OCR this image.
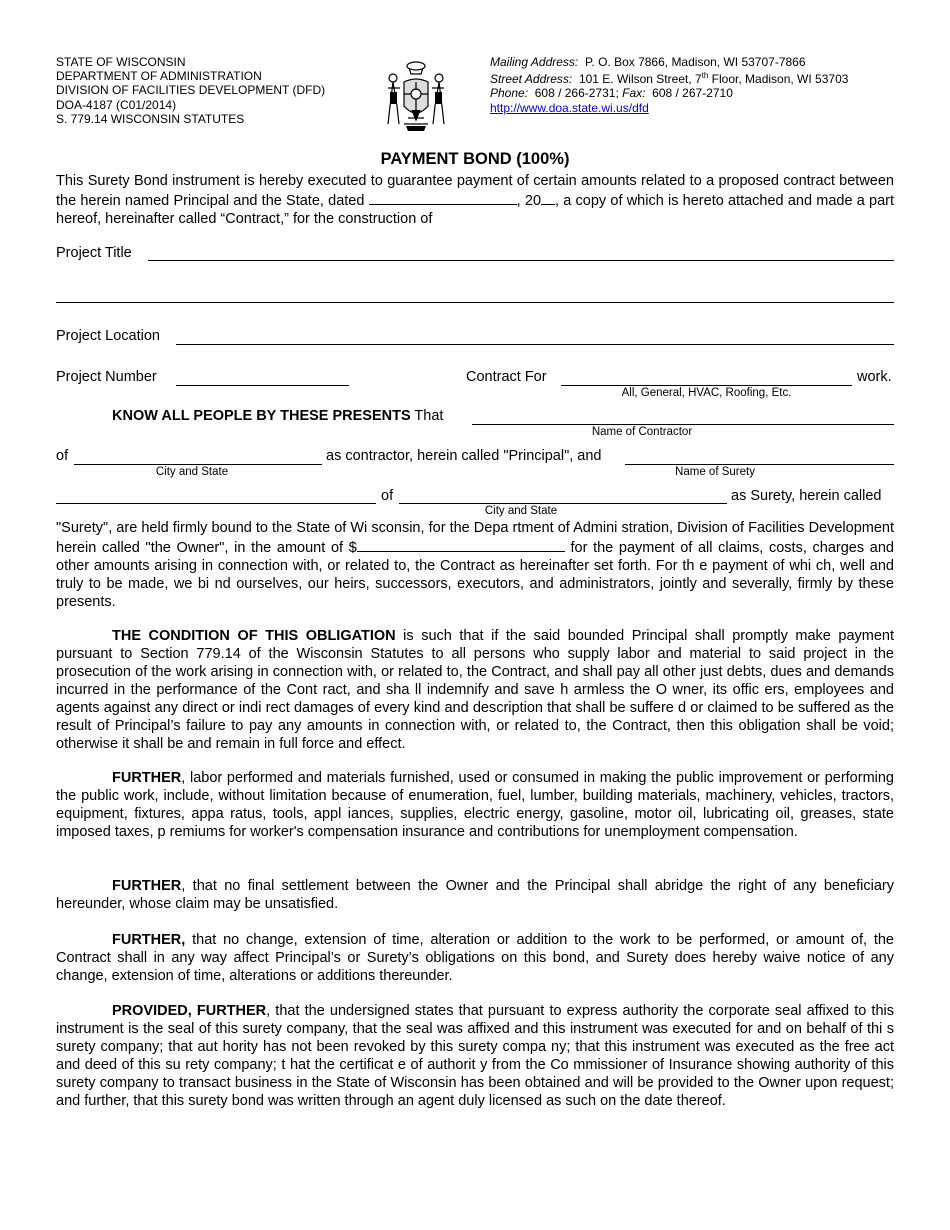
STATE OF WISCONSIN
DEPARTMENT OF ADMINISTRATION
DIVISION OF FACILITIES DEVELOPMENT (DFD)
DOA-4187 (C01/2014)
S. 779.14 WISCONSIN STATUTES
Mailing Address: P. O. Box 7866, Madison, WI 53707-7866
Street Address: 101 E. Wilson Street, 7th Floor, Madison, WI 53703
Phone: 608 / 266-2731; Fax: 608 / 267-2710
http://www.doa.state.wi.us/dfd
PAYMENT BOND (100%)
This Surety Bond instrument is hereby executed to guarantee payment of certain amounts related to a proposed contract between the herein named Principal and the State, dated	, 20 , a copy of which is hereto attached and made a part hereof, hereinafter called “Contract,” for the construction of
Project Title
Project Location
Project Number	Contract For	work.
All, General, HVAC, Roofing, Etc.
KNOW ALL PEOPLE BY THESE PRESENTS That
Name of Contractor
of
City and State
as contractor, herein called "Principal", and
Name of Surety
of
City and State
as Surety, herein called
"Surety", are held firmly bound to the State of Wi sconsin, for the Depa rtment of Admini stration, Division of Facilities Development herein called "the Owner", in the amount of $	for the payment of all claims, costs, charges and other amounts arising in connection with, or related to, the Contract as hereinafter set forth. For th e payment of whi ch, well and truly to be made, we bi nd ourselves, our heirs, successors, executors, and administrators, jointly and severally, firmly by these presents.
THE CONDITION OF THIS OBLIGATION is such that if the said bounded Principal shall promptly make payment pursuant to Section 779.14 of the Wisconsin Statutes to all persons who supply labor and material to said project in the prosecution of the work arising in connection with, or related to, the Contract, and shall pay all other just debts, dues and demands incurred in the performance of the Cont ract, and sha ll indemnify and save h armless the O wner, its offic ers, employees and agents against any direct or indi rect damages of every kind and description that shall be suffere d or claimed to be suffered as the result of Principal’s failure to pay any amounts in connection with, or related to, the Contract, then this obligation shall be void; otherwise it shall be and remain in full force and effect.
FURTHER, labor performed and materials furnished, used or consumed in making the public improvement or performing the public work, include, without limitation because of enumeration, fuel, lumber, building materials, machinery, vehicles, tractors, equipment, fixtures, appa ratus, tools, appl iances, supplies, electric energy, gasoline, motor oil, lubricating oil, greases, state imposed taxes, p remiums for worker's compensation insurance and contributions for unemployment compensation.
FURTHER, that no final settlement between the Owner and the Principal shall abridge the right of any beneficiary hereunder, whose claim may be unsatisfied.
FURTHER, that no change, extension of time, alteration or addition to the work to be performed, or amount of, the Contract shall in any way affect Principal’s or Surety’s obligations on this bond, and Surety does hereby waive notice of any change, extension of time, alterations or additions thereunder.
PROVIDED, FURTHER, that the undersigned states that pursuant to express authority the corporate seal affixed to this instrument is the seal of this surety company, that the seal was affixed and this instrument was executed for and on behalf of thi s surety company; that aut hority has not been revoked by this surety compa ny; that this instrument was executed as the free act and deed of this su rety company; t hat the certificat e of authorit y from the Co mmissioner of Insurance showing authority of this surety company to transact business in the State of Wisconsin has been obtained and will be provided to the Owner upon request; and further, that this surety bond was written through an agent duly licensed as such on the date thereof.
